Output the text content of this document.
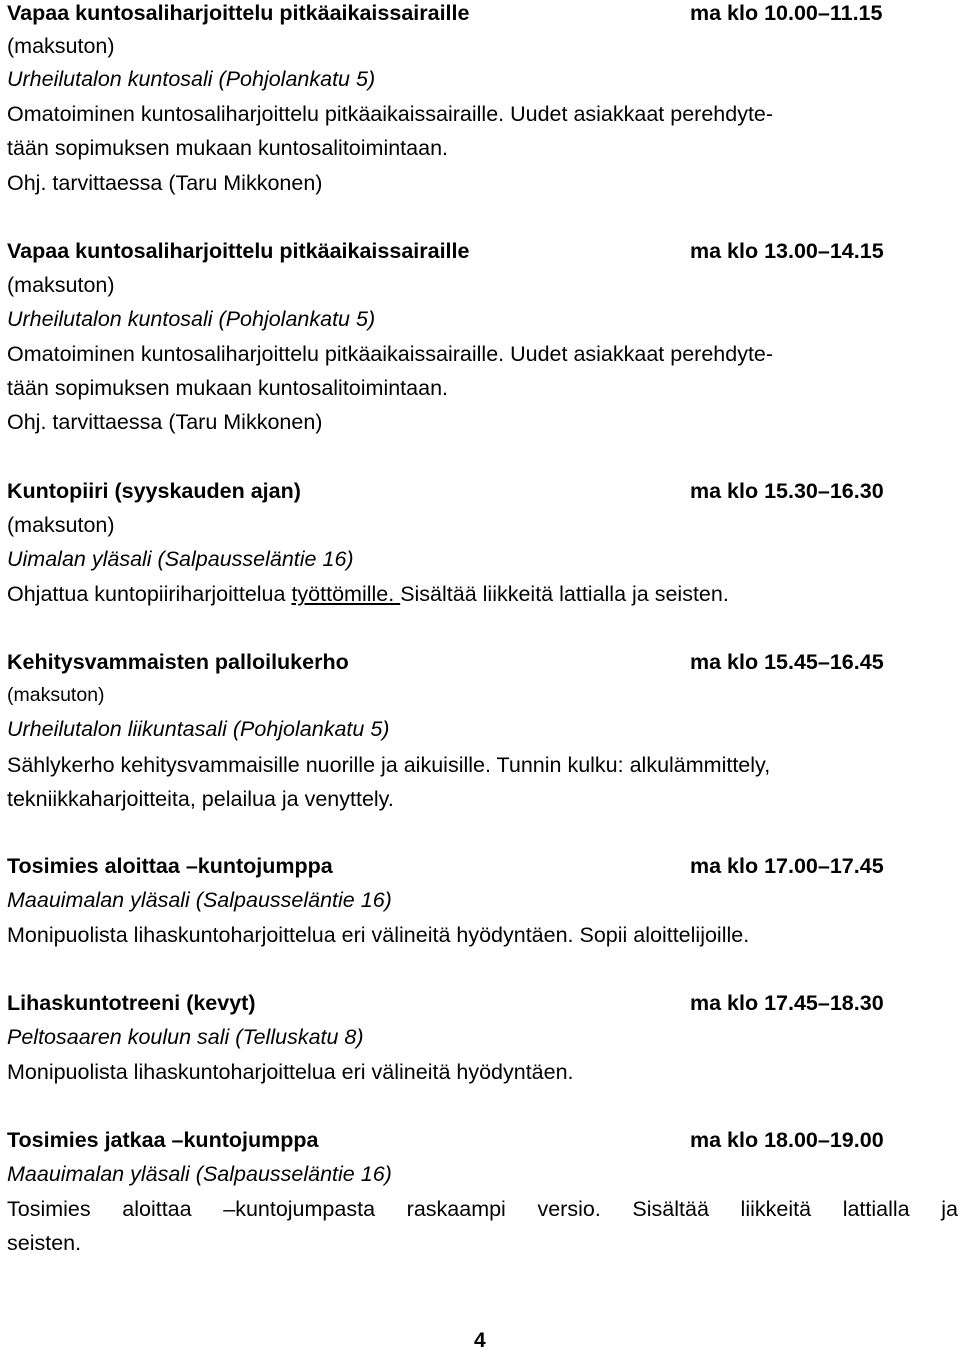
Vapaa kuntosaliharjoittelu pitkäaikaissairaille	ma klo 10.00–11.15
(maksuton)
Urheilutalon kuntosali (Pohjolankatu 5)
Omatoiminen kuntosaliharjoittelu pitkäaikaissairaille. Uudet asiakkaat perehdyte-
tään sopimuksen mukaan kuntosalitoimintaan.
Ohj. tarvittaessa (Taru Mikkonen)
Vapaa kuntosaliharjoittelu pitkäaikaissairaille	ma klo 13.00–14.15
(maksuton)
Urheilutalon kuntosali (Pohjolankatu 5)
Omatoiminen kuntosaliharjoittelu pitkäaikaissairaille. Uudet asiakkaat perehdyte-
tään sopimuksen mukaan kuntosalitoimintaan.
Ohj. tarvittaessa (Taru Mikkonen)
Kuntopiiri (syyskauden ajan)	ma klo 15.30–16.30
(maksuton)
Uimalan yläsali (Salpausseläntie 16)
Ohjattua kuntopiiriharjoittelua työttömille. Sisältää liikkeitä lattialla ja seisten.
Kehitysvammaisten palloilukerho	ma klo 15.45–16.45
(maksuton)
Urheilutalon liikuntasali (Pohjolankatu 5)
Sählykerho kehitysvammaisille nuorille ja aikuisille. Tunnin kulku: alkulämmittely,
tekniikkaharjoitteita, pelailua ja venyttely.
Tosimies aloittaa –kuntojumppa	ma klo 17.00–17.45
Maauimalan yläsali (Salpausseläntie 16)
Monipuolista lihaskuntoharjoittelua eri välineitä hyödyntäen. Sopii aloittelijoille.
Lihaskuntotreeni (kevyt)	ma klo 17.45–18.30
Peltosaaren koulun sali (Telluskatu 8)
Monipuolista lihaskuntoharjoittelua eri välineitä hyödyntäen.
Tosimies jatkaa –kuntojumppa	ma klo 18.00–19.00
Maauimalan yläsali (Salpausseläntie 16)
Tosimies aloittaa –kuntojumpasta raskaampi versio. Sisältää liikkeitä lattialla ja
seisten.
4
